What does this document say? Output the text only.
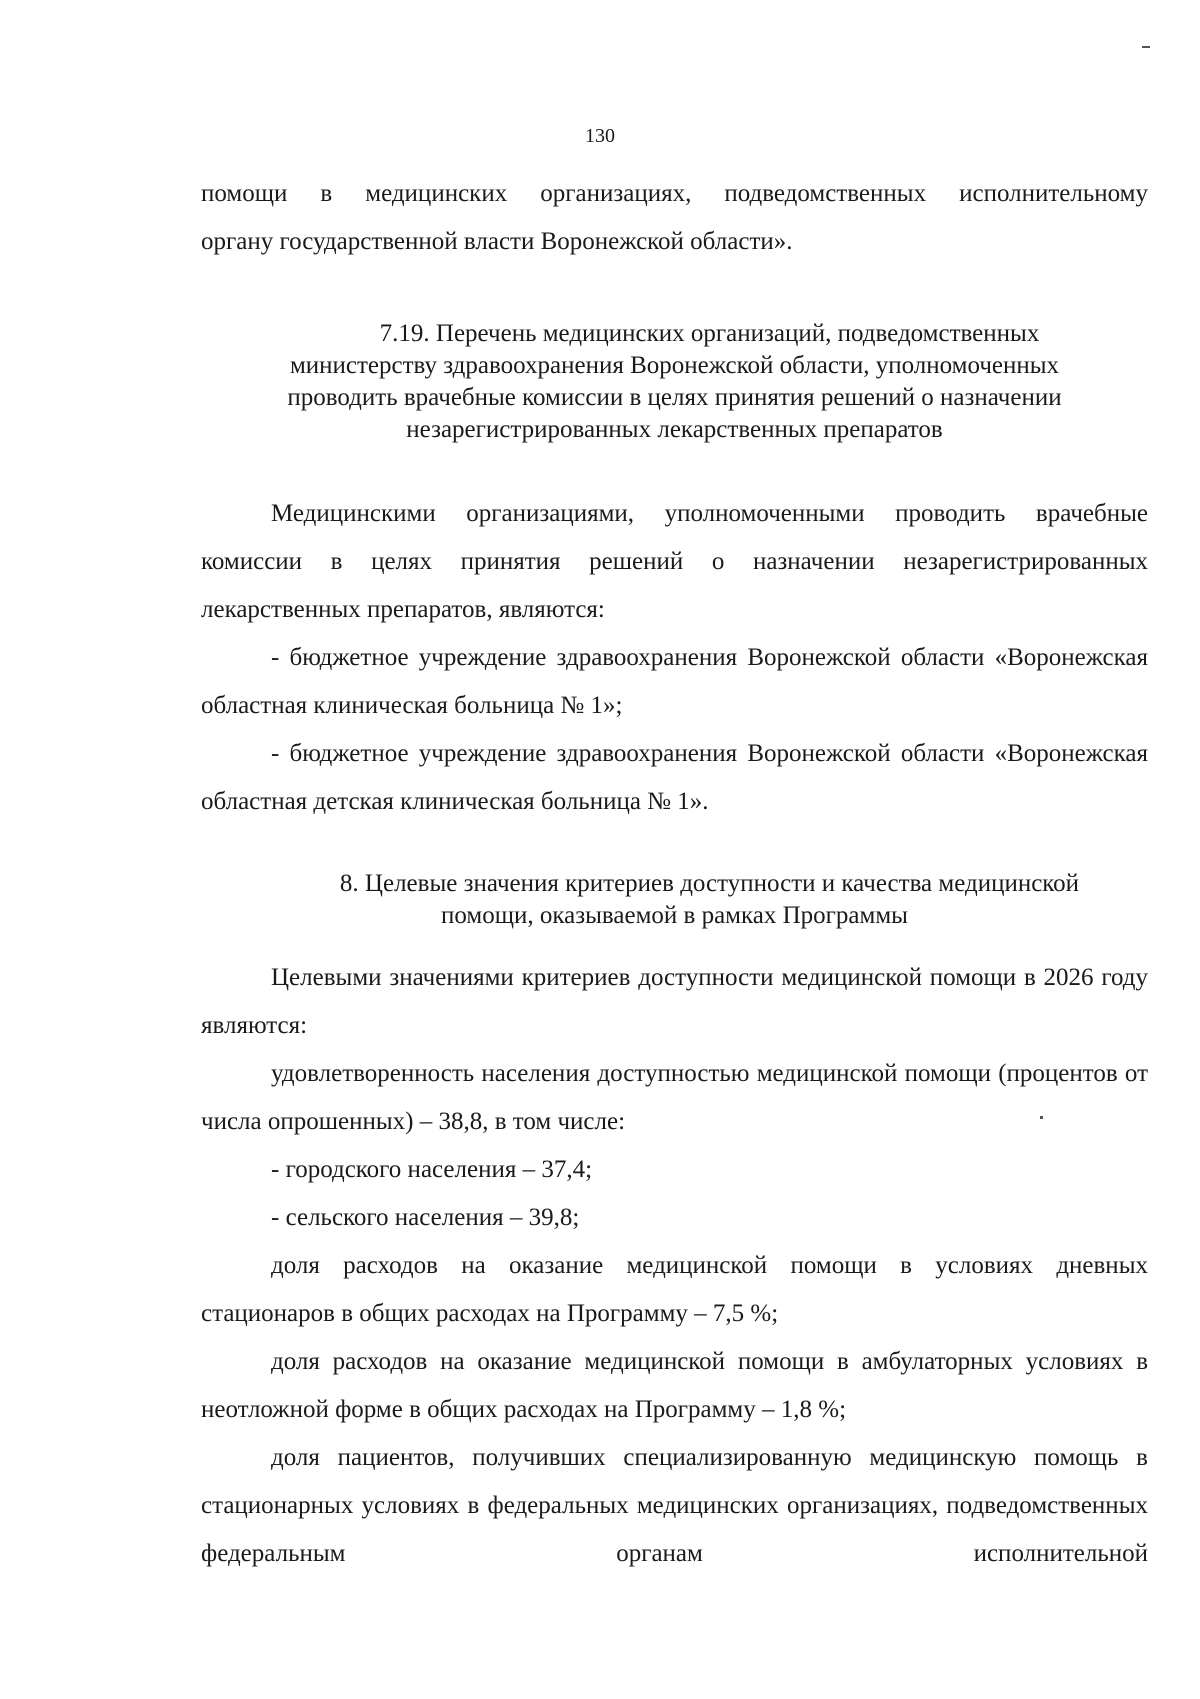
130

помощи в медицинских организациях, подведомственных исполнительному

органу государственной власти Воронежской области».

7.19. Перечень медицинских организаций, подведомственных
министерству здравоохранения Воронежской области, уполномоченных
проводить врачебные комиссии в целях принятия решений о назначении
незарегистрированных лекарственных препаратов

Медицинскими организациями, уполномоченными проводить врачебные комиссии в целях принятия решений о назначении незарегистрированных лекарственных препаратов, являются:

- бюджетное учреждение здравоохранения Воронежской области «Воронежская областная клиническая больница № 1»;

- бюджетное учреждение здравоохранения Воронежской области «Воронежская областная детская клиническая больница № 1».

8. Целевые значения критериев доступности и качества медицинской
помощи, оказываемой в рамках Программы

Целевыми значениями критериев доступности медицинской помощи в 2026 году являются:

удовлетворенность населения доступностью медицинской помощи (процентов от числа опрошенных) – 38,8, в том числе:

- городского населения – 37,4;

- сельского населения – 39,8;

доля расходов на оказание медицинской помощи в условиях дневных стационаров в общих расходах на Программу – 7,5 %;

доля расходов на оказание медицинской помощи в амбулаторных условиях в неотложной форме в общих расходах на Программу – 1,8 %;

доля пациентов, получивших специализированную медицинскую помощь в стационарных условиях в федеральных медицинских организациях, подведомственных федеральным органам исполнительной
